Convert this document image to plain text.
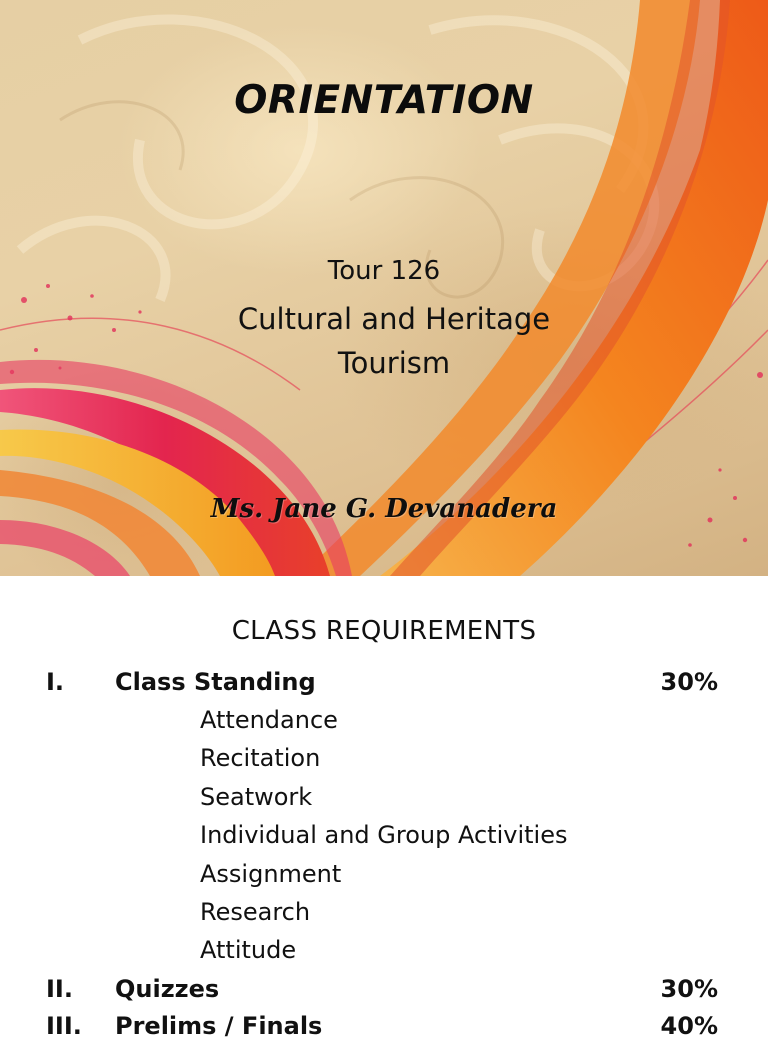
ORIENTATION
Tour 126
Cultural and Heritage Tourism
Ms. Jane G. Devanadera
CLASS REQUIREMENTS
I. Class Standing	30%
Attendance
Recitation
Seatwork
Individual and Group Activities
Assignment
Research
Attitude
II. Quizzes	30%
III. Prelims / Finals	40%
